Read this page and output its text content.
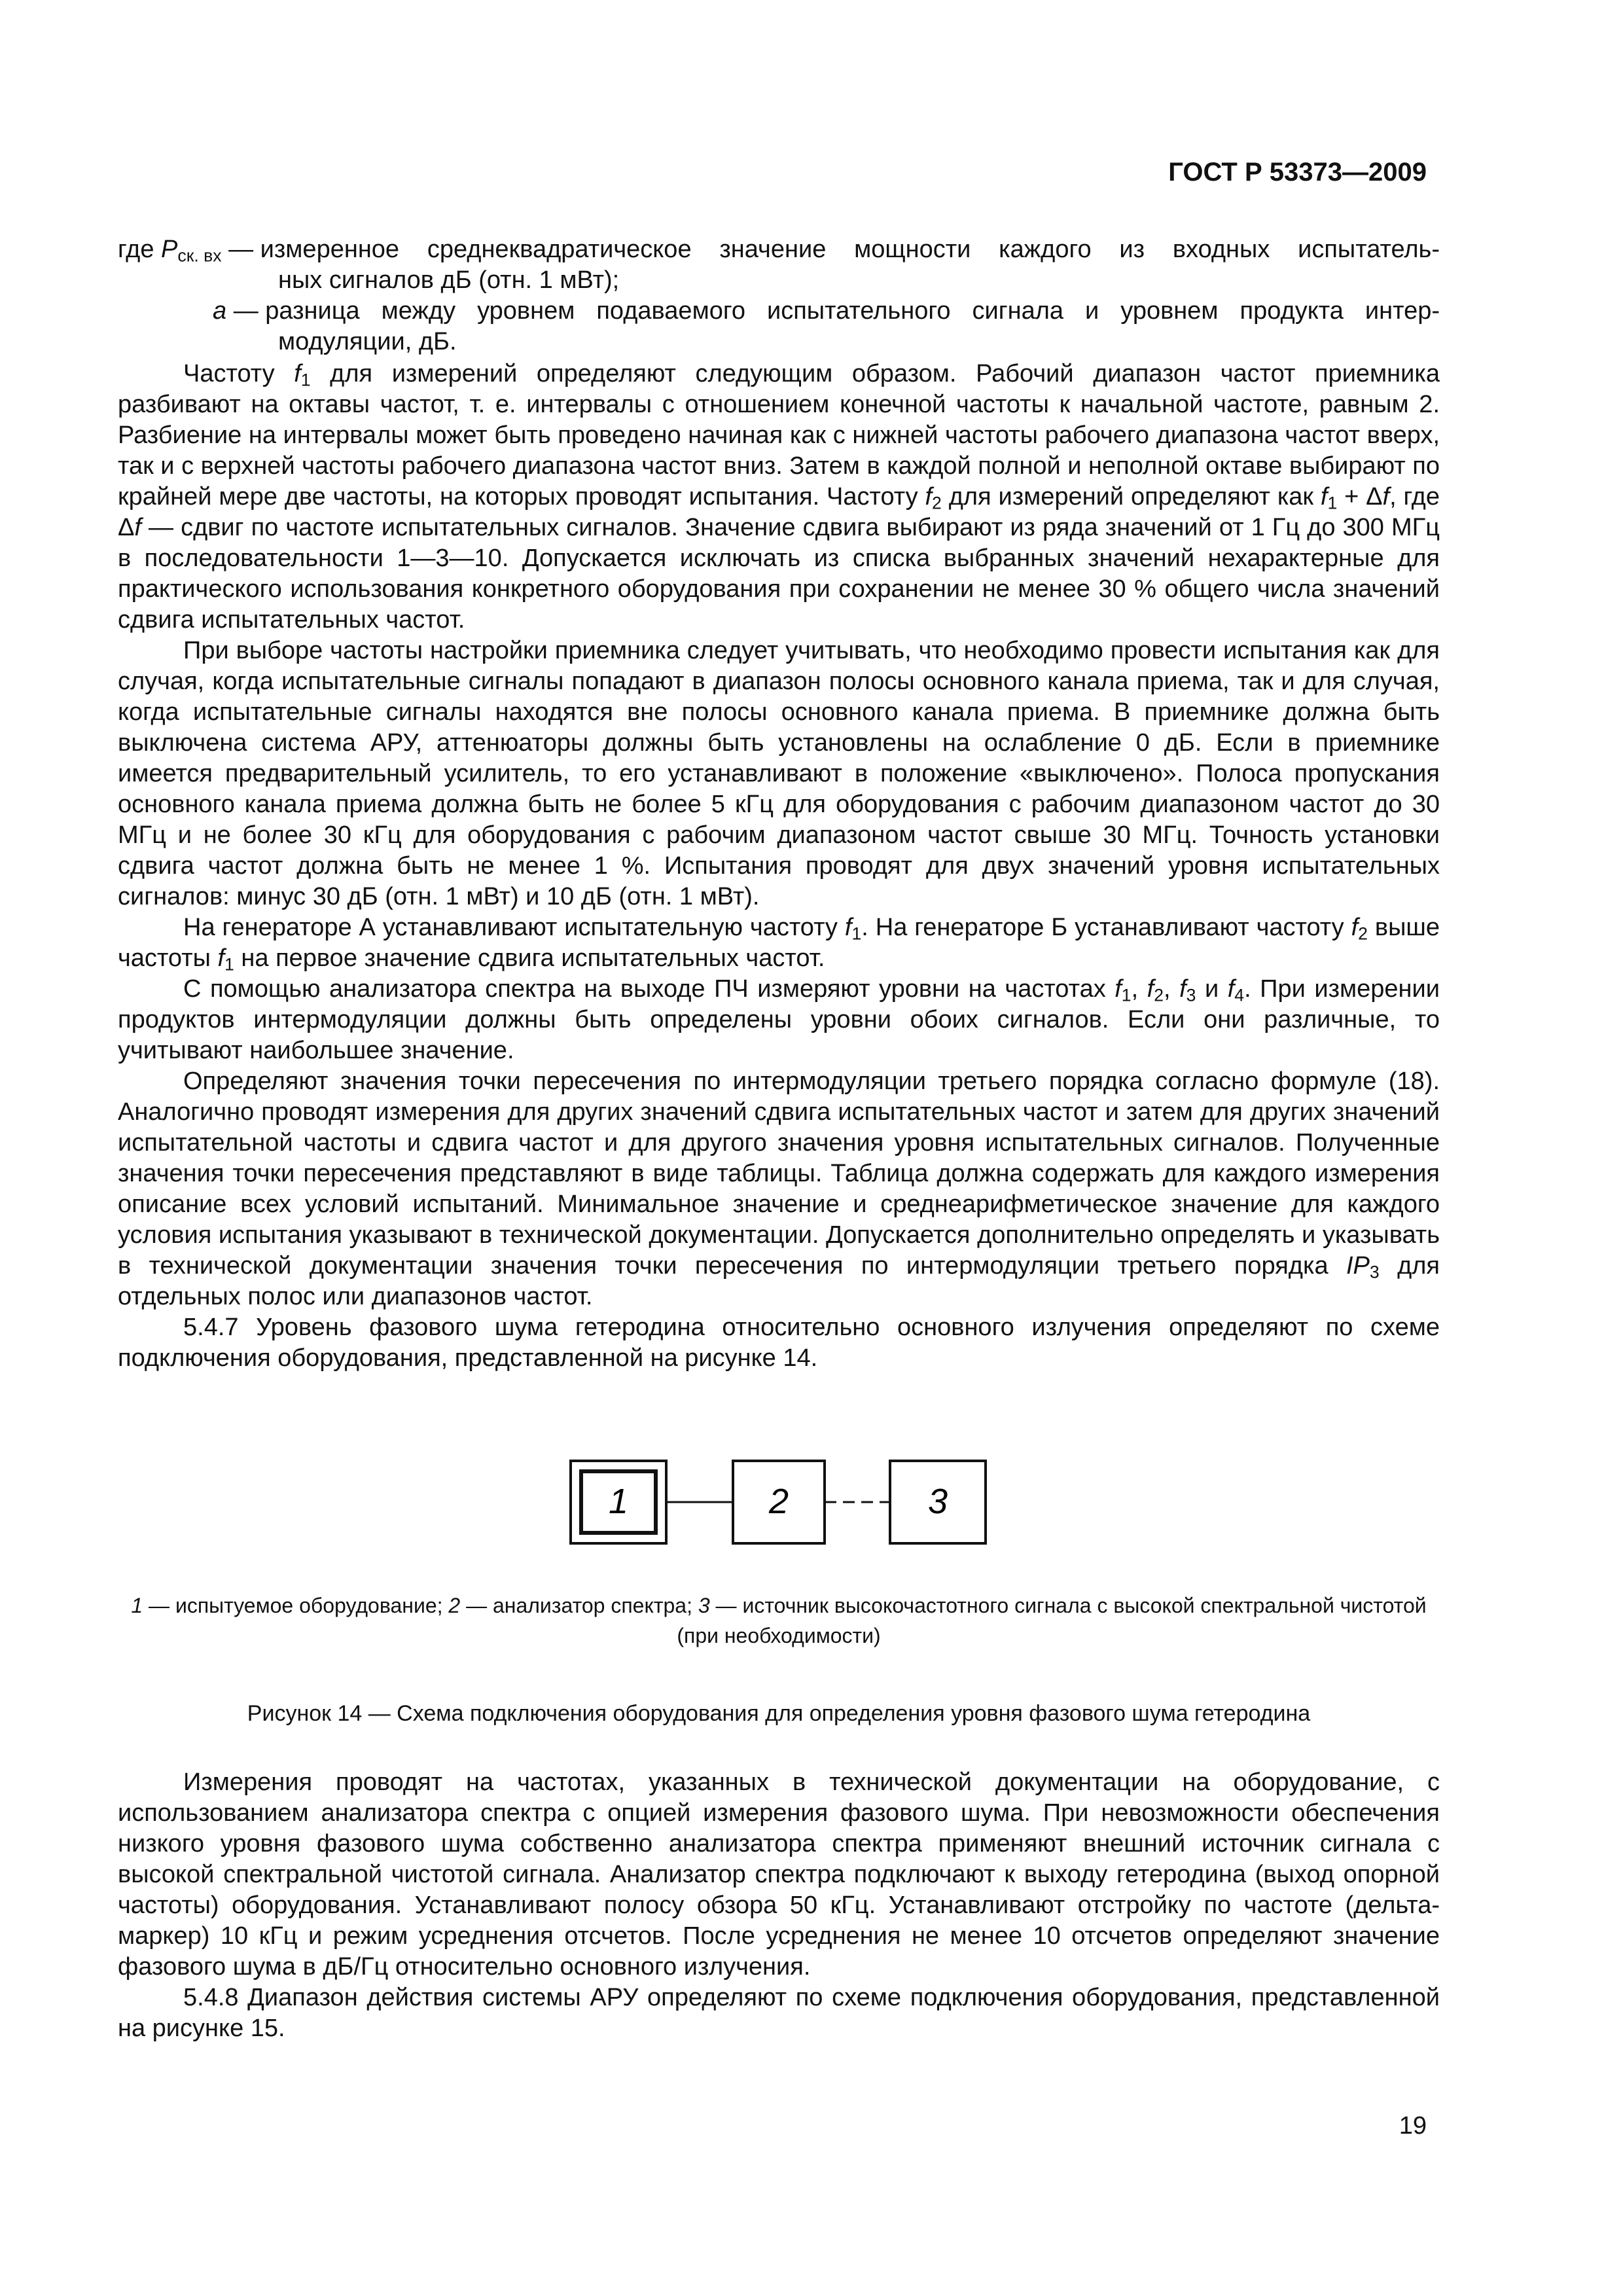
ГОСТ Р 53373—2009
где $P_{ск. вх}$ — измеренное среднеквадратическое значение мощности каждого из входных испытатель-
ных сигналов дБ (отн. 1 мВт);
a — разница между уровнем подаваемого испытательного сигнала и уровнем продукта интер-
модуляции, дБ.

Частоту $f_1$ для измерений определяют следующим образом. Рабочий диапазон частот приемника разбивают на октавы частот, т. е. интервалы с отношением конечной частоты к начальной частоте, равным 2. Разбиение на интервалы может быть проведено начиная как с нижней частоты рабочего диапазона частот вверх, так и с верхней частоты рабочего диапазона частот вниз. Затем в каждой полной и неполной октаве выбирают по крайней мере две частоты, на которых проводят испытания. Частоту $f_2$ для измерений определяют как $f_1 + \Delta f$, где Δf — сдвиг по частоте испытательных сигналов. Значение сдвига выбирают из ряда значений от 1 Гц до 300 МГц в последовательности 1—3—10. Допускается исключать из списка выбранных значений нехарактерные для практического использования конкретного оборудования при сохранении не менее 30 % общего числа значений сдвига испытательных частот.

При выборе частоты настройки приемника следует учитывать, что необходимо провести испытания как для случая, когда испытательные сигналы попадают в диапазон полосы основного канала приема, так и для случая, когда испытательные сигналы находятся вне полосы основного канала приема. В приемнике должна быть выключена система АРУ, аттенюаторы должны быть установлены на ослабление 0 дБ. Если в приемнике имеется предварительный усилитель, то его устанавливают в положение «выключено». Полоса пропускания основного канала приема должна быть не более 5 кГц для оборудования с рабочим диапазоном частот до 30 МГц и не более 30 кГц для оборудования с рабочим диапазоном частот свыше 30 МГц. Точность установки сдвига частот должна быть не менее 1 %. Испытания проводят для двух значений уровня испытательных сигналов: минус 30 дБ (отн. 1 мВт) и 10 дБ (отн. 1 мВт).

На генераторе А устанавливают испытательную частоту $f_1$. На генераторе Б устанавливают частоту $f_2$ выше частоты $f_1$ на первое значение сдвига испытательных частот.

С помощью анализатора спектра на выходе ПЧ измеряют уровни на частотах $f_1$, $f_2$, $f_3$ и $f_4$. При измерении продуктов интермодуляции должны быть определены уровни обоих сигналов. Если они различные, то учитывают наибольшее значение.

Определяют значения точки пересечения по интермодуляции третьего порядка согласно формуле (18). Аналогично проводят измерения для других значений сдвига испытательных частот и затем для других значений испытательной частоты и сдвига частот и для другого значения уровня испытательных сигналов. Полученные значения точки пересечения представляют в виде таблицы. Таблица должна содержать для каждого измерения описание всех условий испытаний. Минимальное значение и среднеарифметическое значение для каждого условия испытания указывают в технической документации. Допускается дополнительно определять и указывать в технической документации значения точки пересечения по интермодуляции третьего порядка $IP_3$ для отдельных полос или диапазонов частот.

5.4.7 Уровень фазового шума гетеродина относительно основного излучения определяют по схеме подключения оборудования, представленной на рисунке 14.

1	2	3
1 — испытуемое оборудование; 2 — анализатор спектра; 3 — источник высокочастотного сигнала с высокой спектральной чистотой (при необходимости)
Рисунок 14 — Схема подключения оборудования для определения уровня фазового шума гетеродина

Измерения проводят на частотах, указанных в технической документации на оборудование, с использованием анализатора спектра с опцией измерения фазового шума. При невозможности обеспечения низкого уровня фазового шума собственно анализатора спектра применяют внешний источник сигнала с высокой спектральной чистотой сигнала. Анализатор спектра подключают к выходу гетеродина (выход опорной частоты) оборудования. Устанавливают полосу обзора 50 кГц. Устанавливают отстройку по частоте (дельта-маркер) 10 кГц и режим усреднения отсчетов. После усреднения не менее 10 отсчетов определяют значение фазового шума в дБ/Гц относительно основного излучения.

5.4.8 Диапазон действия системы АРУ определяют по схеме подключения оборудования, представленной на рисунке 15.

19
